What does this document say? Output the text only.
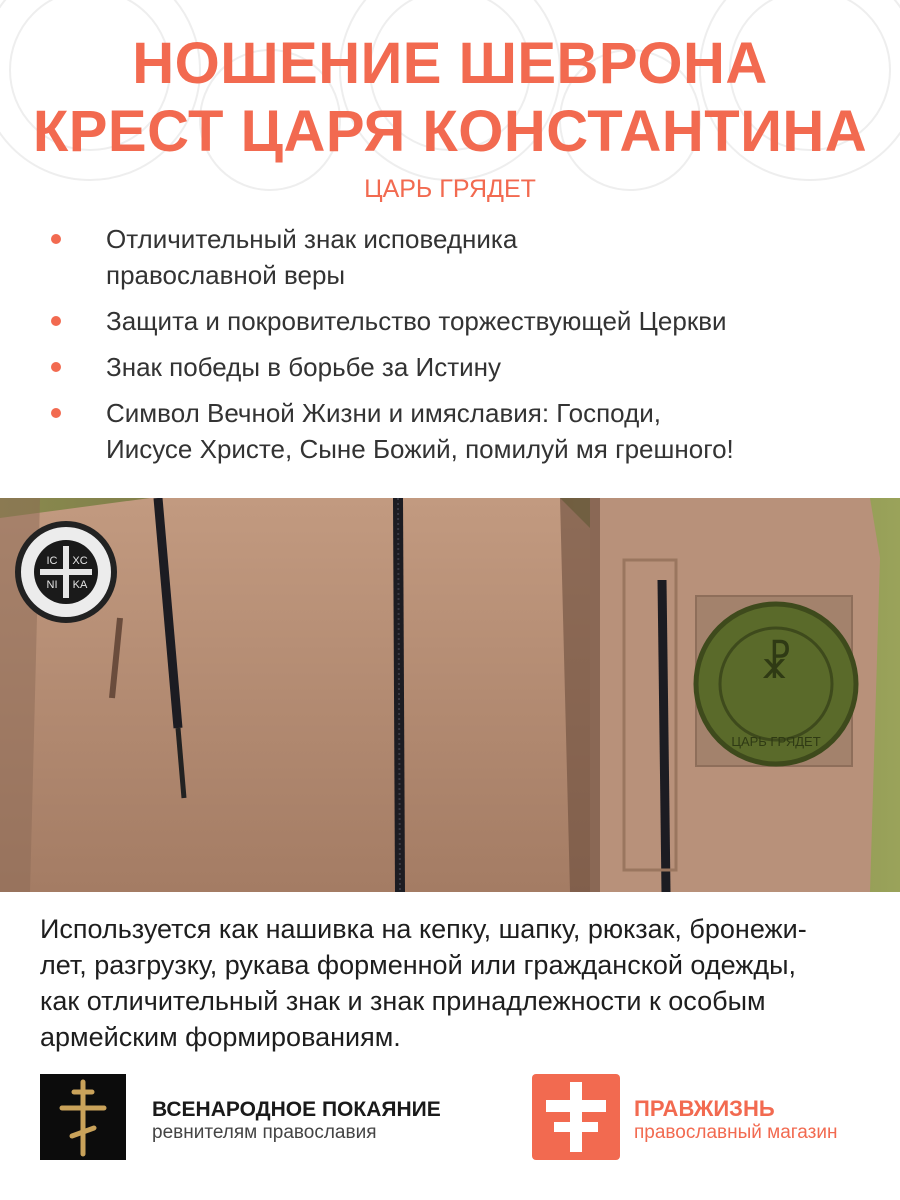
НОШЕНИЕ ШЕВРОНА
КРЕСТ ЦАРЯ КОНСТАНТИНА
ЦАРЬ ГРЯДЕТ
Отличительный знак исповедника
православной веры
Защита и покровительство торжествующей Церкви
Знак победы в борьбе за Истину
Символ Вечной Жизни и имяславия: Господи,
Иисусе Христе, Сыне Божий, помилуй мя грешного!
IC XC
NI KA
☧
ЦАРЬ ГРЯДЕТ

Используется как нашивка на кепку, шапку, рюкзак, бронежи-
лет, разгрузку, рукава форменной или гражданской одежды,
как отличительный знак и знак принадлежности к особым
армейским формированиям.

ВСЕНАРОДНОЕ ПОКАЯНИЕ
ревнителям православия
ПРАВЖИЗНЬ
православный магазин
